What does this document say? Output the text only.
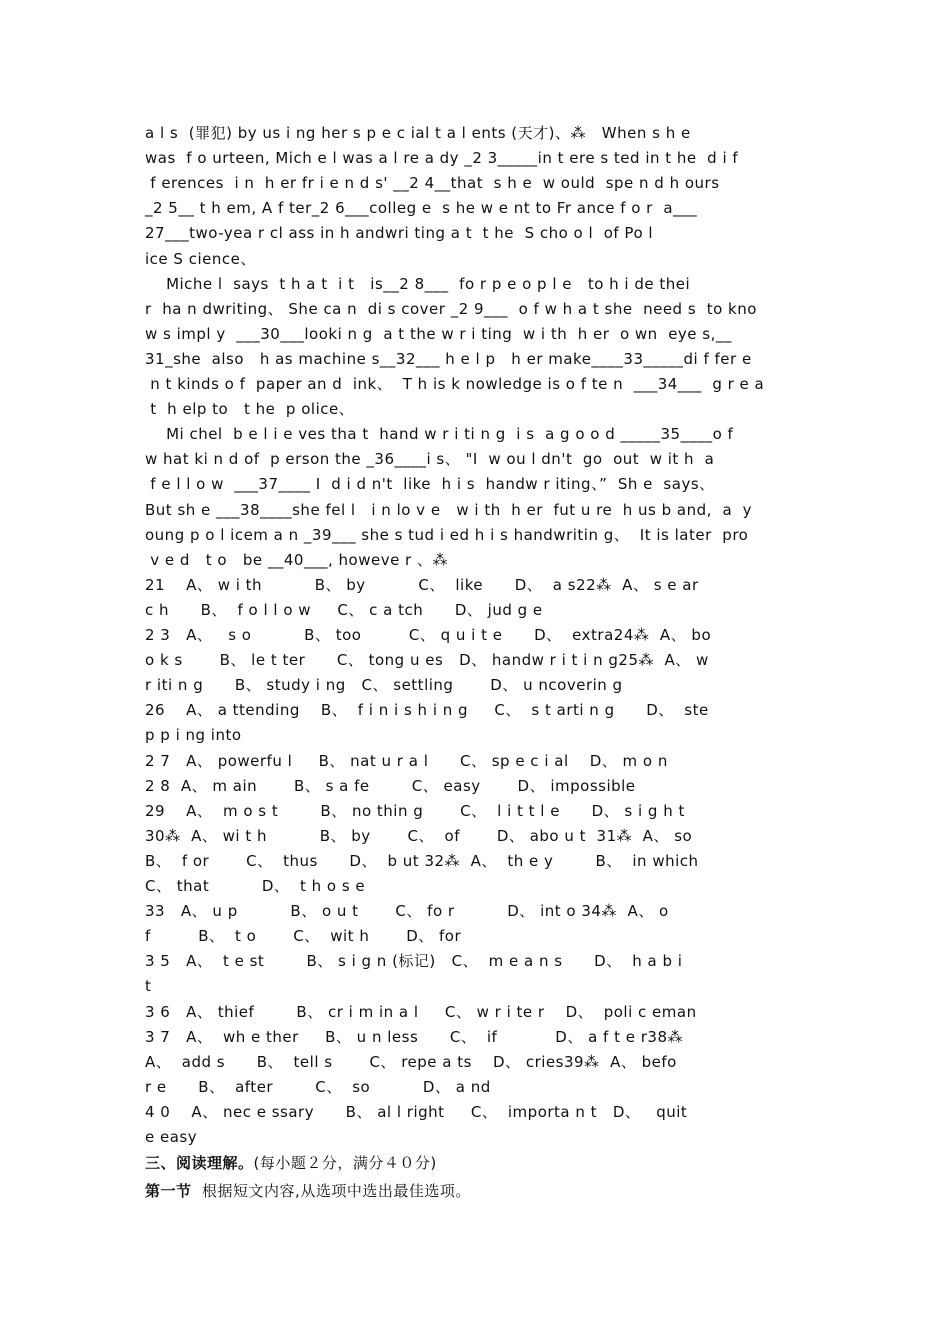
a l s  (罪犯) by us i ng her s p e c ial t a l ents (天才)、⁂   When s h e
was  f o urteen, Mich e l was a l re a dy _2 3_____in t ere s ted in t he  d i f
f erences  i n  h er fr i e n d s' __2 4__that  s h e  w ould  spe n d h ours
_2 5__ t h em, A f ter_2 6___colleg e  s he w e nt to Fr ance f o r  a___
27___two-yea r cl ass in h andwri ting a t  t he  S cho o l  of Po l
ice S cience、
Miche l  says  t h a t  i t   is__2 8___  fo r p e o p l e   to h i de thei
r  ha n dwriting、 She ca n  di s cover _2 9___  o f w h a t she  need s  to kno
w s impl y  ___30___looki n g  a t the w r i ting  w i th  h er  o wn  eye s,__
31_she  also   h as machine s__32___ h e l p   h er make____33_____di f fer e
n t kinds o f  paper an d  ink、  T h is k nowledge is o f te n  ___34___  g r e a
t  h elp to   t he  p olice、
Mi chel  b e l i e ves tha t  hand w r i ti n g  i s  a g o o d _____35____o f
w hat ki n d of  p erson the _36____i s、 "I  w ou l dn't  go  out  w it h  a
f e l l o w  ___37____ I  d i d n't  like  h i s  handw r iting、”  Sh e  says、
But sh e ___38____she fel l   i n lo v e   w i th  h er  fut u re  h us b and,  a  y
oung p o l icem a n _39___ she s tud i ed h i s handwritin g、  It is later  pro
v e d   t o   be __40___, howeve r 、⁂
21    A、 w i th          B、 by          C、  like      D、  a s22⁂  A、 s e ar
c h      B、  f o l l o w     C、 c a tch      D、 jud g e
2 3   A、   s o          B、 too         C、 q u i t e      D、  extra24⁂  A、 bo
o k s       B、 le t ter      C、 tong u es   D、 handw r i t i n g25⁂  A、 w
r iti n g      B、 study i ng   C、 settling       D、 u ncoverin g
26    A、 a ttending    B、  f i n i s h i n g     C、  s t arti n g      D、  ste
p p i ng into
2 7   A、 powerfu l     B、 nat u r a l      C、 sp e c i al    D、 m o n
2 8  A、 m ain       B、 s a fe        C、 easy       D、 impossible
29    A、  m o s t        B、 no thin g       C、  l i t t l e      D、 s i g h t
30⁂  A、 wi t h          B、 by       C、  of       D、 abo u t  31⁂  A、 so
B、  f or       C、  thus      D、  b ut 32⁂  A、  th e y        B、  in which
C、 that          D、  t h o s e
33   A、 u p          B、 o u t       C、 fo r          D、 int o 34⁂  A、 o
f         B、  t o       C、  wit h       D、 for
3 5   A、  t e st        B、 s i g n (标记)   C、  m e a n s      D、  h a b i
t
3 6   A、 thief        B、 cr i m in a l     C、 w r i te r    D、  poli c eman
3 7   A、  wh e ther     B、 u n less      C、  if           D、 a f t e r38⁂
A、  add s      B、  tell s       C、 repe a ts    D、 cries39⁂  A、 befo
r e      B、  after        C、  so          D、 a nd
4 0    A、 nec e ssary      B、 al l right     C、  importa n t   D、   quit
e easy
三、阅读理解。(每小题２分，满分４０分)
第一节  根据短文内容,从选项中选出最佳选项。
